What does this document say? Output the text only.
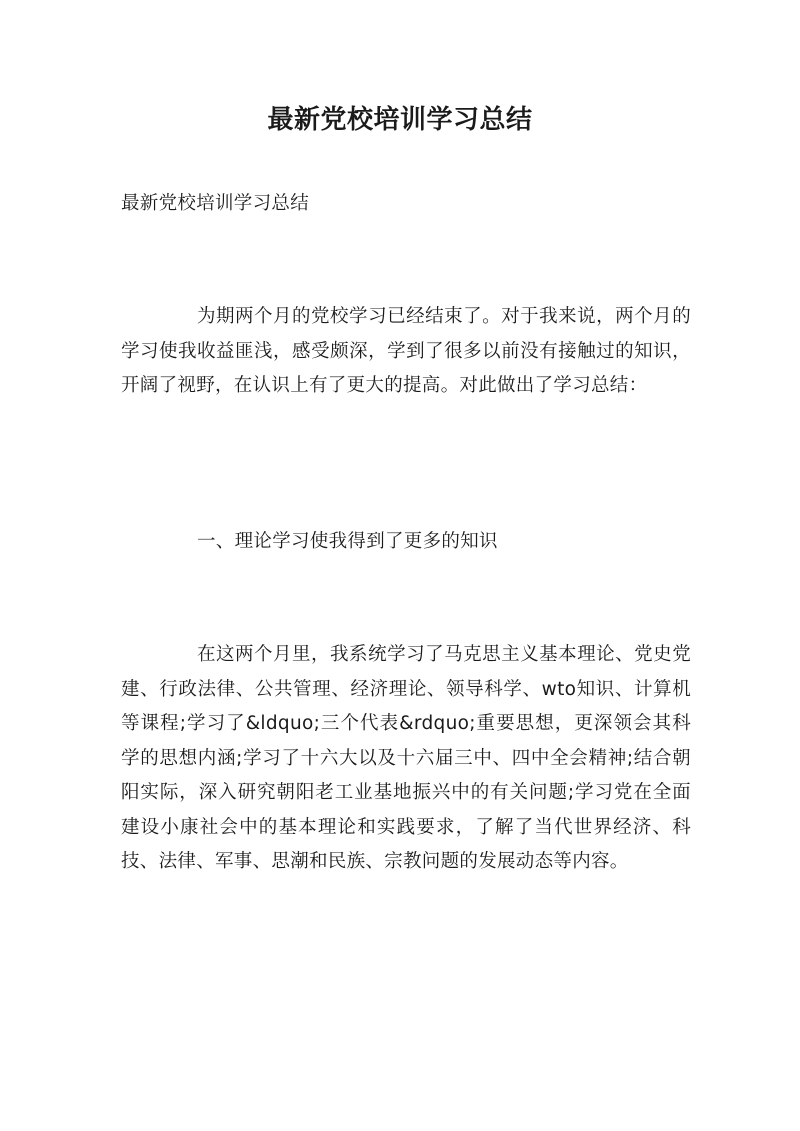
最新党校培训学习总结
最新党校培训学习总结

为期两个月的党校学习已经结束了。对于我来说，两个月的学习使我收益匪浅，感受颇深，学到了很多以前没有接触过的知识，开阔了视野，在认识上有了更大的提高。对此做出了学习总结：

一、理论学习使我得到了更多的知识

在这两个月里，我系统学习了马克思主义基本理论、党史党建、行政法律、公共管理、经济理论、领导科学、wto知识、计算机等课程;学习了&ldquo;三个代表&rdquo;重要思想，更深领会其科学的思想内涵;学习了十六大以及十六届三中、四中全会精神;结合朝阳实际，深入研究朝阳老工业基地振兴中的有关问题;学习党在全面建设小康社会中的基本理论和实践要求，了解了当代世界经济、科技、法律、军事、思潮和民族、宗教问题的发展动态等内容。
